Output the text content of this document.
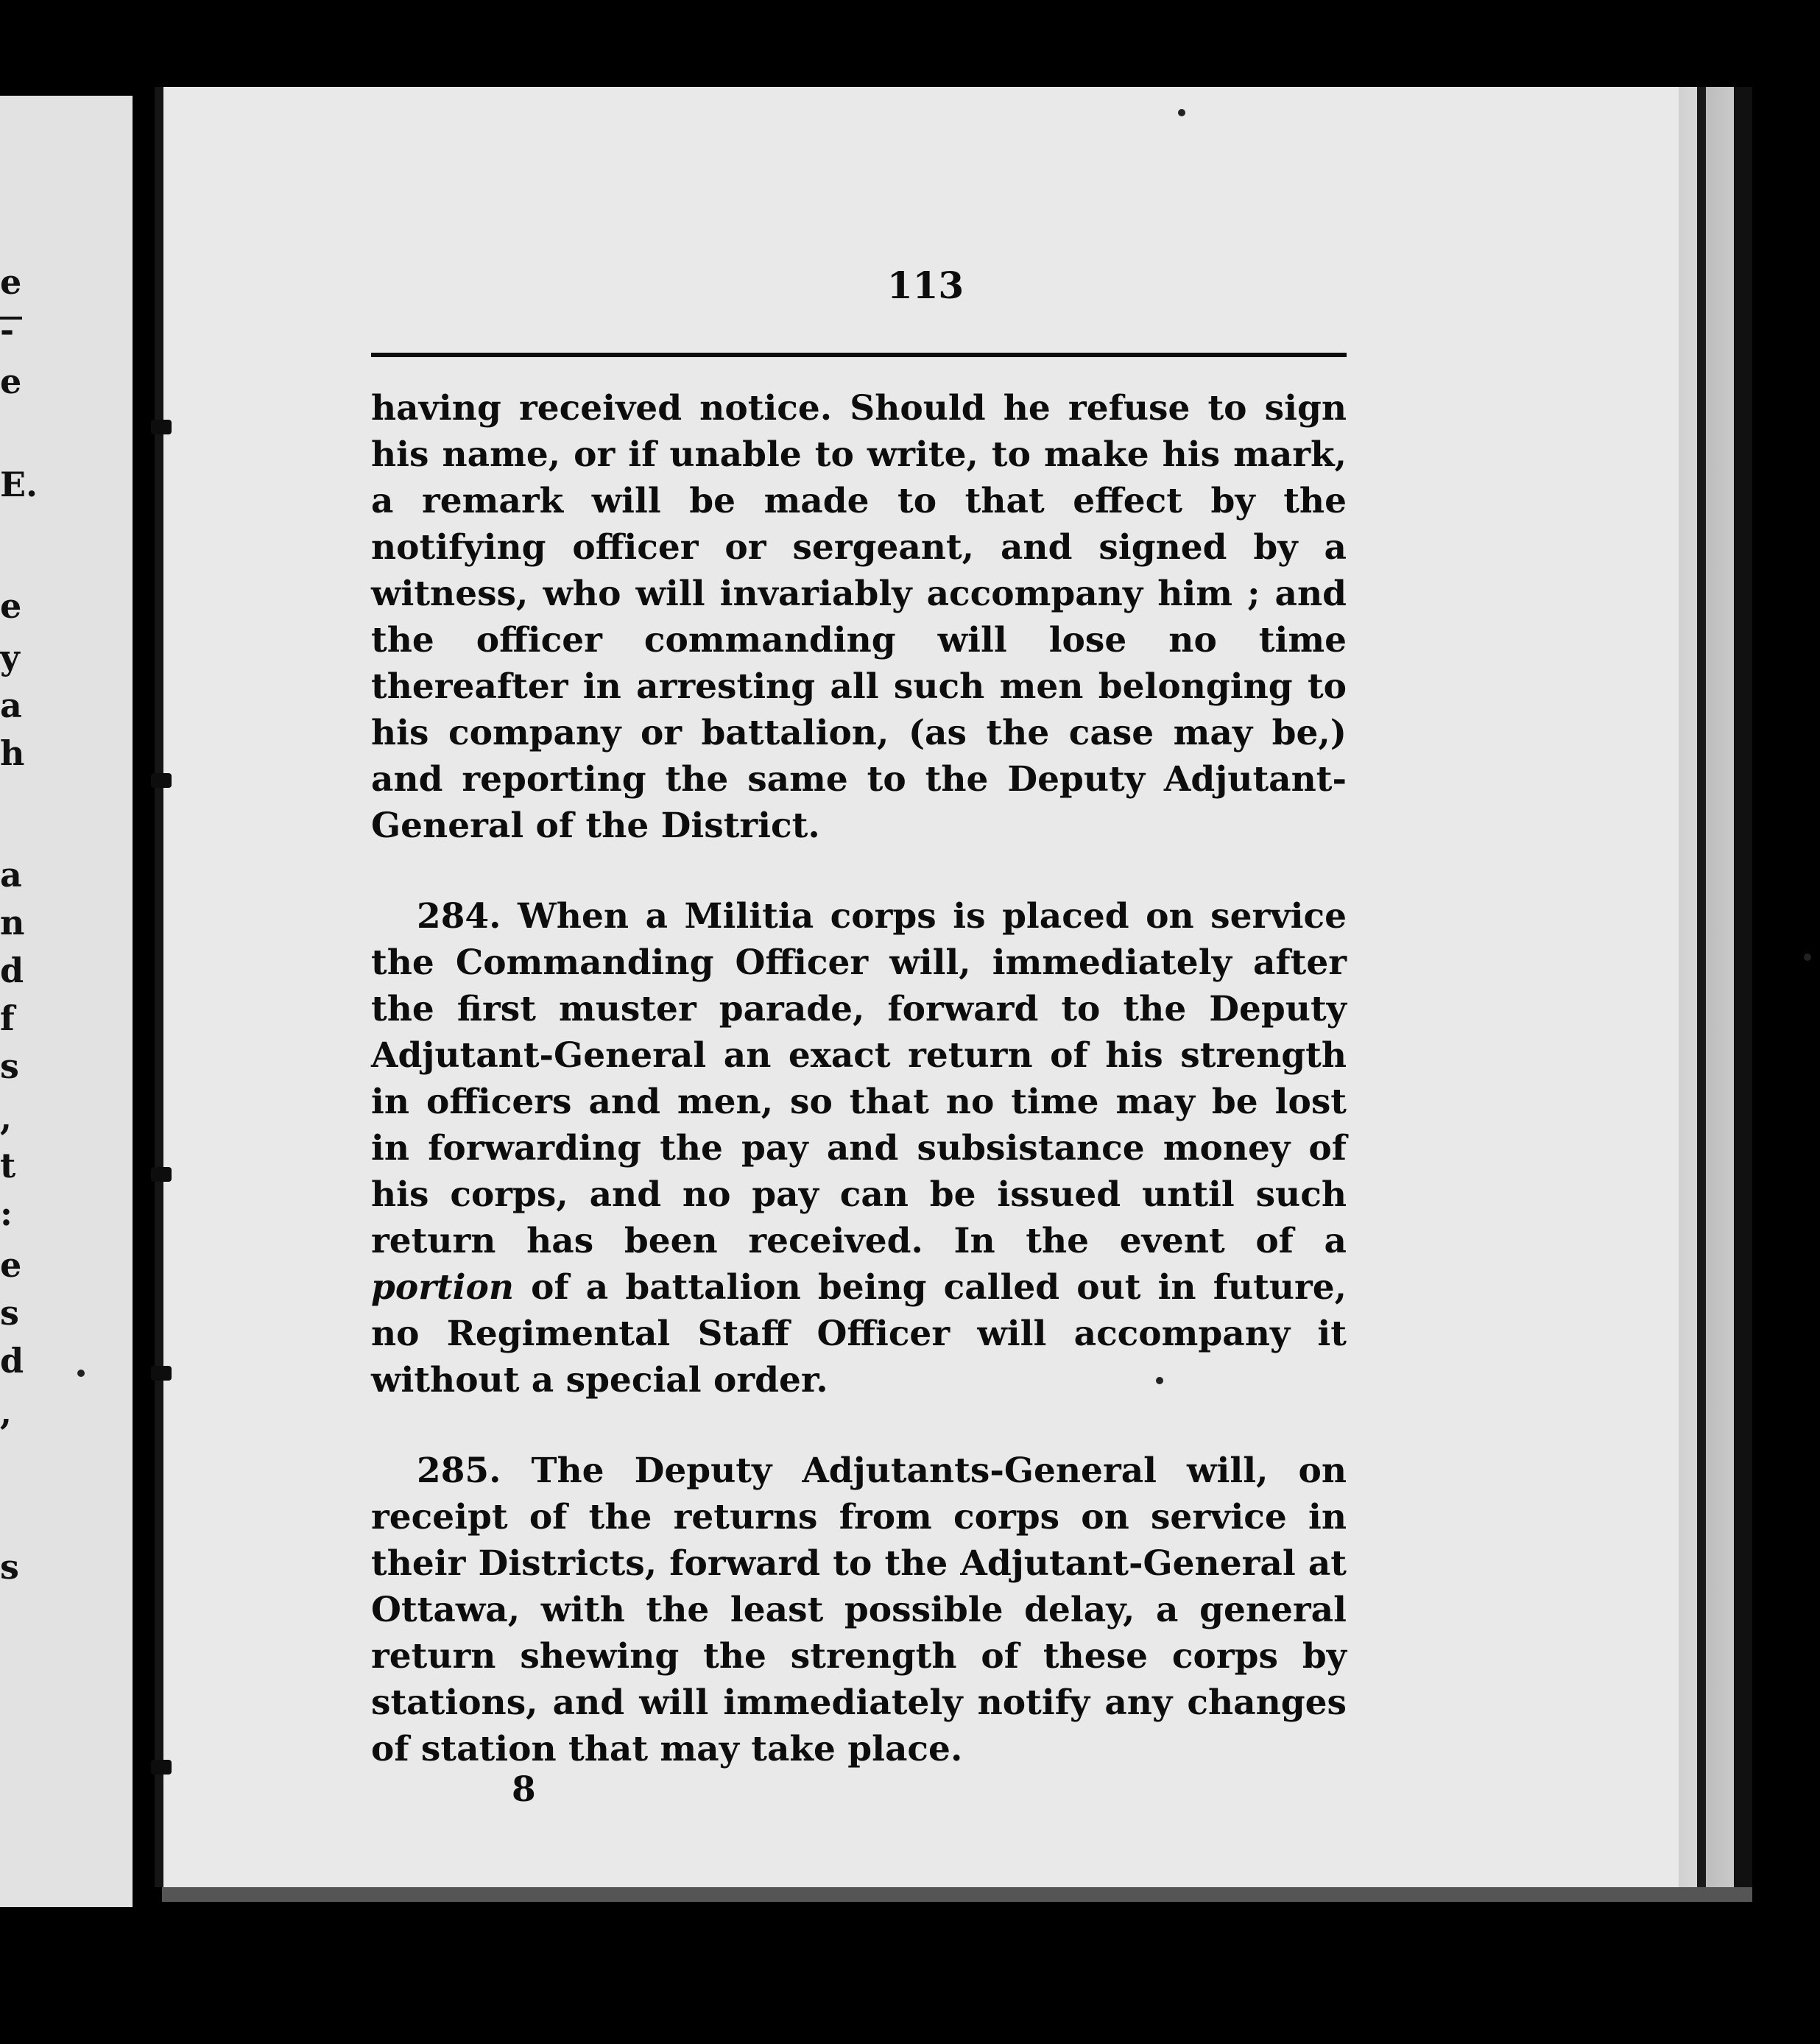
e
-
e
E.
e
y
a
h
a
n
d
f
s
,
t
:
e
s
d
,
s
113

having received notice. Should he refuse to sign his name, or if unable to write, to make his mark, a remark will be made to that effect by the notifying officer or sergeant, and signed by a witness, who will invariably accompany him ; and the officer commanding will lose no time thereafter in arresting all such men belonging to his company or battalion, (as the case may be,) and reporting the same to the Deputy Adjutant-General of the District.

284. When a Militia corps is placed on service the Commanding Officer will, immediately after the first muster parade, forward to the Deputy Adjutant-General an exact return of his strength in officers and men, so that no time may be lost in forwarding the pay and subsistance money of his corps, and no pay can be issued until such return has been received. In the event of a portion of a battalion being called out in future, no Regimental Staff Officer will accompany it without a special order.

285. The Deputy Adjutants-General will, on receipt of the returns from corps on service in their Districts, forward to the Adjutant-General at Ottawa, with the least possible delay, a general return shewing the strength of these corps by stations, and will immediately notify any changes of station that may take place.

8
